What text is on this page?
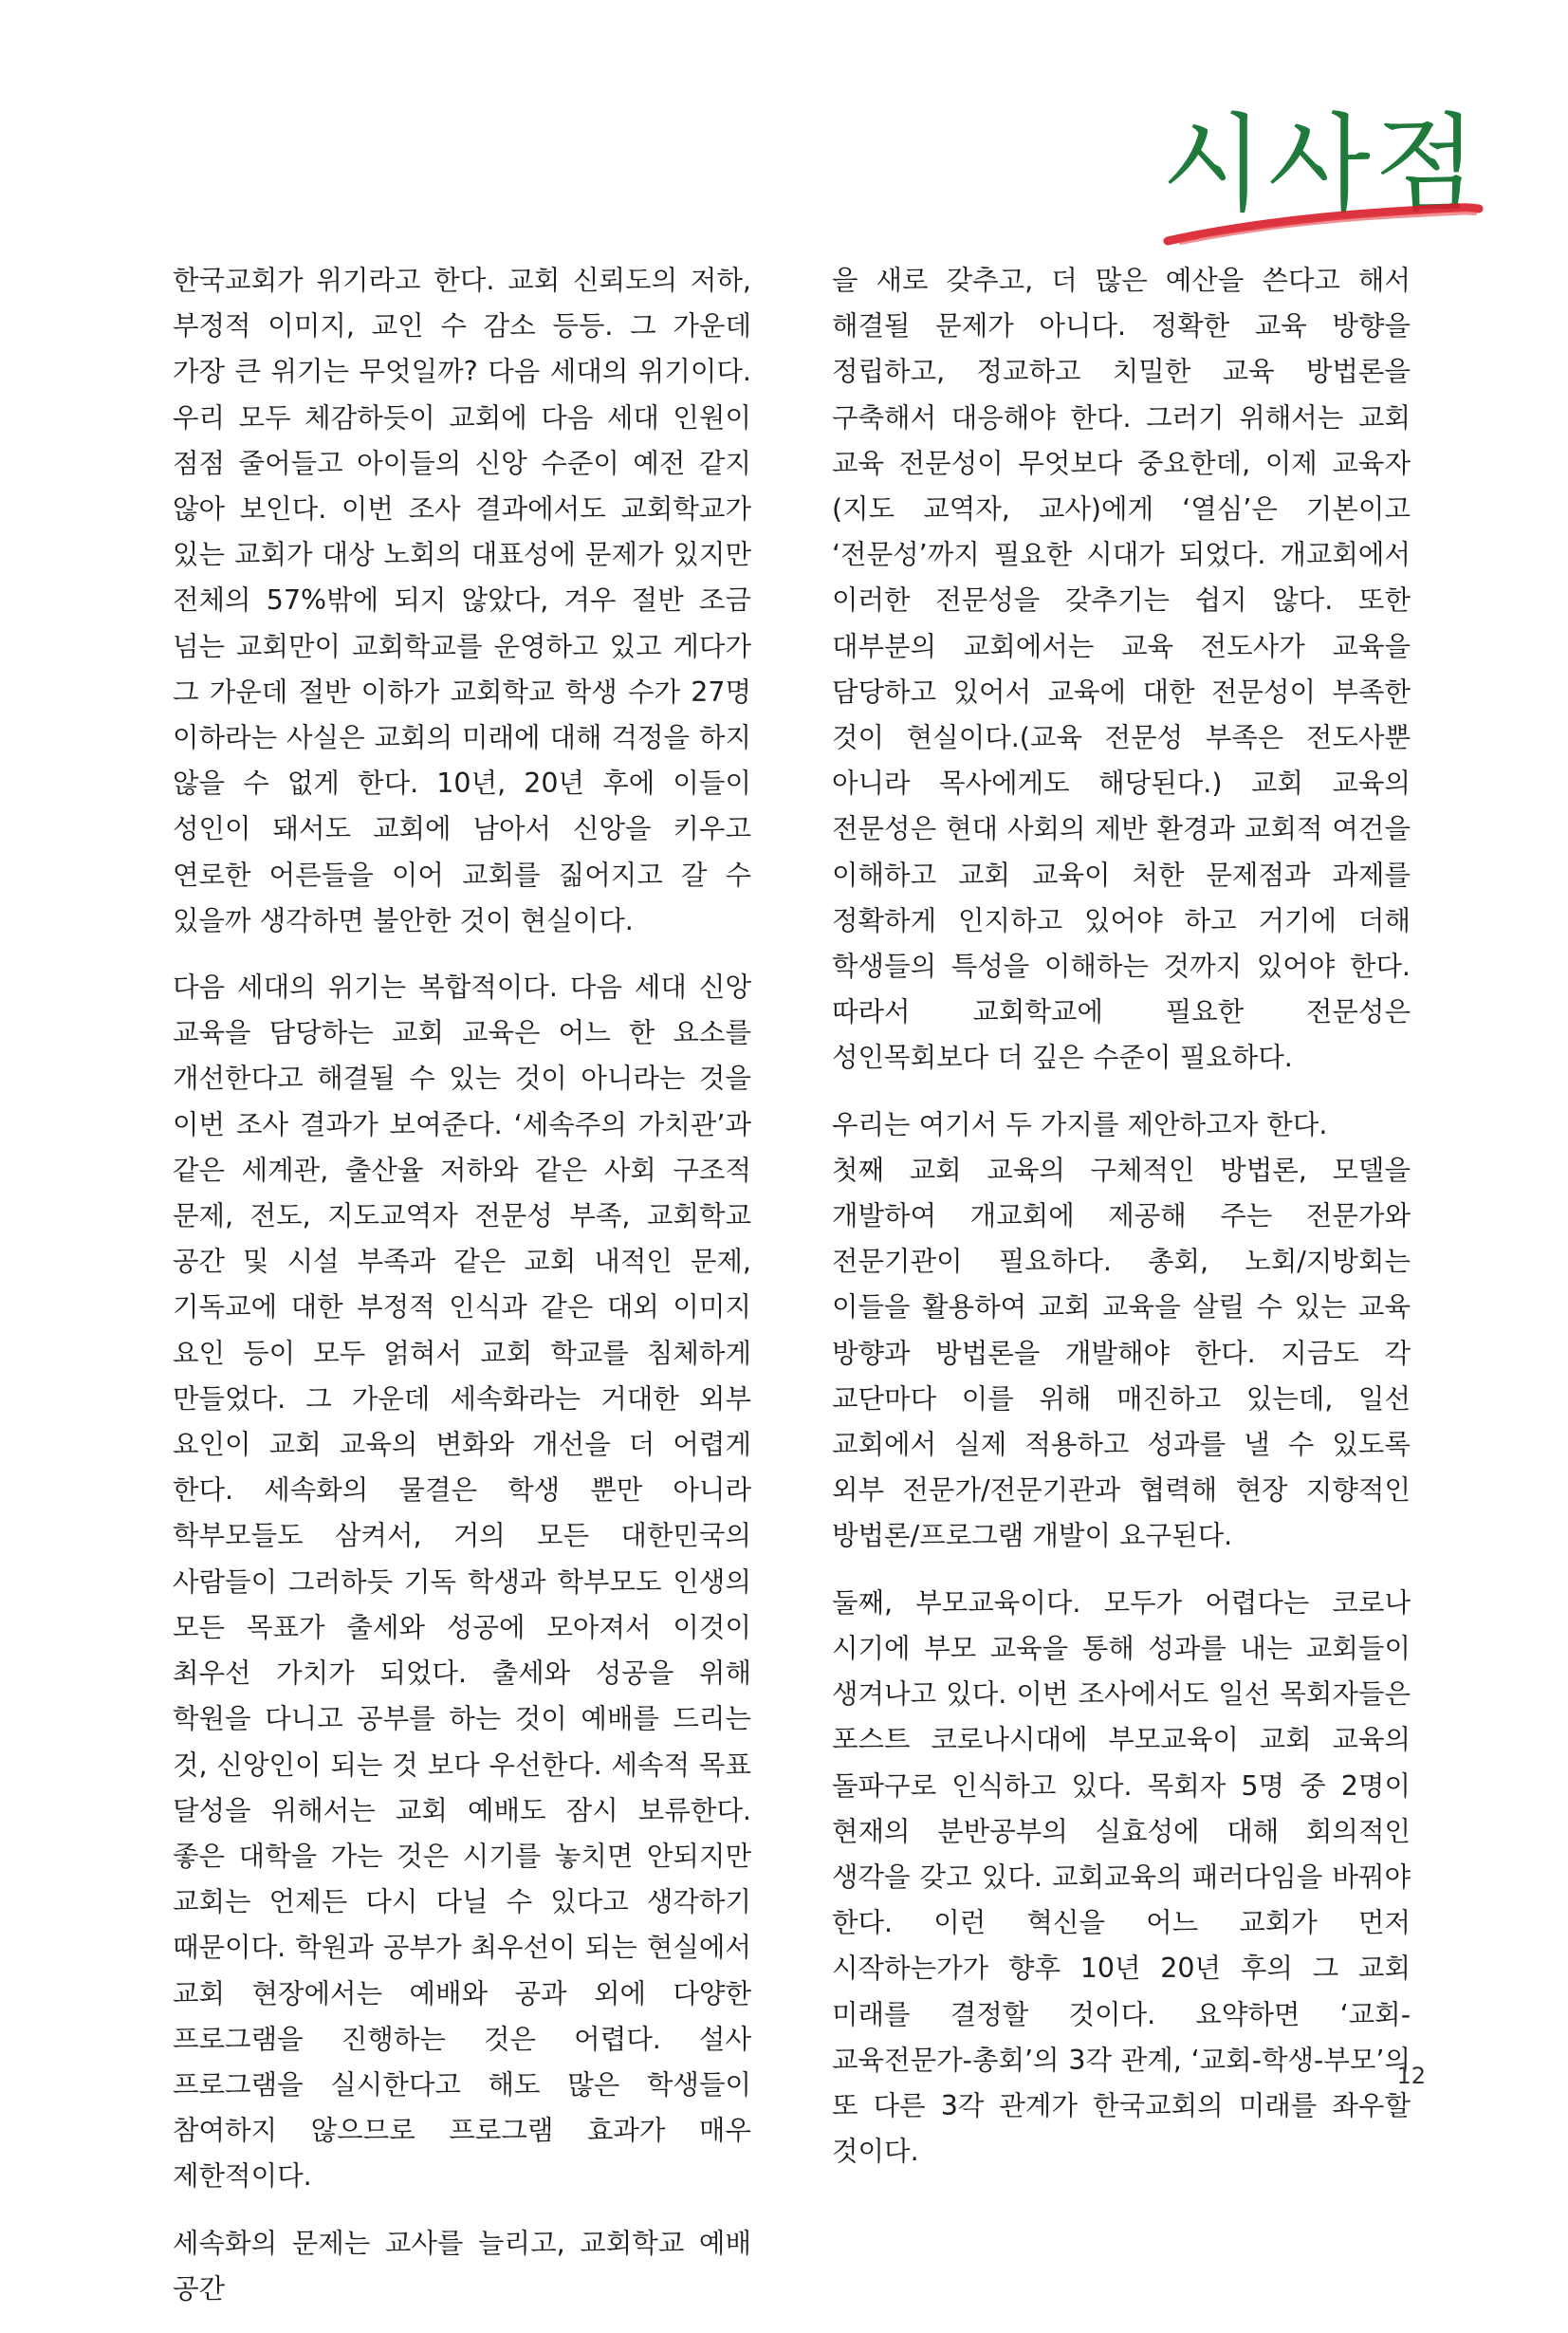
시사점

한국교회가 위기라고 한다. 교회 신뢰도의 저하, 부정적 이미지, 교인 수 감소 등등. 그 가운데 가장 큰 위기는 무엇일까? 다음 세대의 위기이다. 우리 모두 체감하듯이 교회에 다음 세대 인원이 점점 줄어들고 아이들의 신앙 수준이 예전 같지 않아 보인다. 이번 조사 결과에서도 교회학교가 있는 교회가 대상 노회의 대표성에 문제가 있지만 전체의 57%밖에 되지 않았다, 겨우 절반 조금 넘는 교회만이 교회학교를 운영하고 있고 게다가 그 가운데 절반 이하가 교회학교 학생 수가 27명 이하라는 사실은 교회의 미래에 대해 걱정을 하지 않을 수 없게 한다. 10년, 20년 후에 이들이 성인이 돼서도 교회에 남아서 신앙을 키우고 연로한 어른들을 이어 교회를 짊어지고 갈 수 있을까 생각하면 불안한 것이 현실이다.

다음 세대의 위기는 복합적이다. 다음 세대 신앙 교육을 담당하는 교회 교육은 어느 한 요소를 개선한다고 해결될 수 있는 것이 아니라는 것을 이번 조사 결과가 보여준다. ‘세속주의 가치관’과 같은 세계관, 출산율 저하와 같은 사회 구조적 문제, 전도, 지도교역자 전문성 부족, 교회학교 공간 및 시설 부족과 같은 교회 내적인 문제, 기독교에 대한 부정적 인식과 같은 대외 이미지 요인 등이 모두 얽혀서 교회 학교를 침체하게 만들었다. 그 가운데 세속화라는 거대한 외부 요인이 교회 교육의 변화와 개선을 더 어렵게 한다. 세속화의 물결은 학생 뿐만 아니라 학부모들도 삼켜서, 거의 모든 대한민국의 사람들이 그러하듯 기독 학생과 학부모도 인생의 모든 목표가 출세와 성공에 모아져서 이것이 최우선 가치가 되었다. 출세와 성공을 위해 학원을 다니고 공부를 하는 것이 예배를 드리는 것, 신앙인이 되는 것 보다 우선한다. 세속적 목표 달성을 위해서는 교회 예배도 잠시 보류한다. 좋은 대학을 가는 것은 시기를 놓치면 안되지만 교회는 언제든 다시 다닐 수 있다고 생각하기 때문이다. 학원과 공부가 최우선이 되는 현실에서 교회 현장에서는 예배와 공과 외에 다양한 프로그램을 진행하는 것은 어렵다. 설사 프로그램을 실시한다고 해도 많은 학생들이 참여하지 않으므로 프로그램 효과가 매우 제한적이다.

세속화의 문제는 교사를 늘리고, 교회학교 예배 공간

을 새로 갖추고, 더 많은 예산을 쓴다고 해서 해결될 문제가 아니다. 정확한 교육 방향을 정립하고, 정교하고 치밀한 교육 방법론을 구축해서 대응해야 한다. 그러기 위해서는 교회 교육 전문성이 무엇보다 중요한데, 이제 교육자(지도 교역자, 교사)에게 ‘열심’은 기본이고 ‘전문성’까지 필요한 시대가 되었다. 개교회에서 이러한 전문성을 갖추기는 쉽지 않다. 또한 대부분의 교회에서는 교육 전도사가 교육을 담당하고 있어서 교육에 대한 전문성이 부족한 것이 현실이다.(교육 전문성 부족은 전도사뿐 아니라 목사에게도 해당된다.) 교회 교육의 전문성은 현대 사회의 제반 환경과 교회적 여건을 이해하고 교회 교육이 처한 문제점과 과제를 정확하게 인지하고 있어야 하고 거기에 더해 학생들의 특성을 이해하는 것까지 있어야 한다. 따라서 교회학교에 필요한 전문성은 성인목회보다 더 깊은 수준이 필요하다.

우리는 여기서 두 가지를 제안하고자 한다.

첫째 교회 교육의 구체적인 방법론, 모델을 개발하여 개교회에 제공해 주는 전문가와 전문기관이 필요하다. 총회, 노회/지방회는 이들을 활용하여 교회 교육을 살릴 수 있는 교육 방향과 방법론을 개발해야 한다. 지금도 각 교단마다 이를 위해 매진하고 있는데, 일선 교회에서 실제 적용하고 성과를 낼 수 있도록 외부 전문가/전문기관과 협력해 현장 지향적인 방법론/프로그램 개발이 요구된다.

둘째, 부모교육이다. 모두가 어렵다는 코로나 시기에 부모 교육을 통해 성과를 내는 교회들이 생겨나고 있다. 이번 조사에서도 일선 목회자들은 포스트 코로나시대에 부모교육이 교회 교육의 돌파구로 인식하고 있다. 목회자 5명 중 2명이 현재의 분반공부의 실효성에 대해 회의적인 생각을 갖고 있다. 교회교육의 패러다임을 바꿔야 한다. 이런 혁신을 어느 교회가 먼저 시작하는가가 향후 10년 20년 후의 그 교회 미래를 결정할 것이다. 요약하면 ‘교회-교육전문가-총회’의 3각 관계, ‘교회-학생-부모’의 또 다른 3각 관계가 한국교회의 미래를 좌우할 것이다.

12
